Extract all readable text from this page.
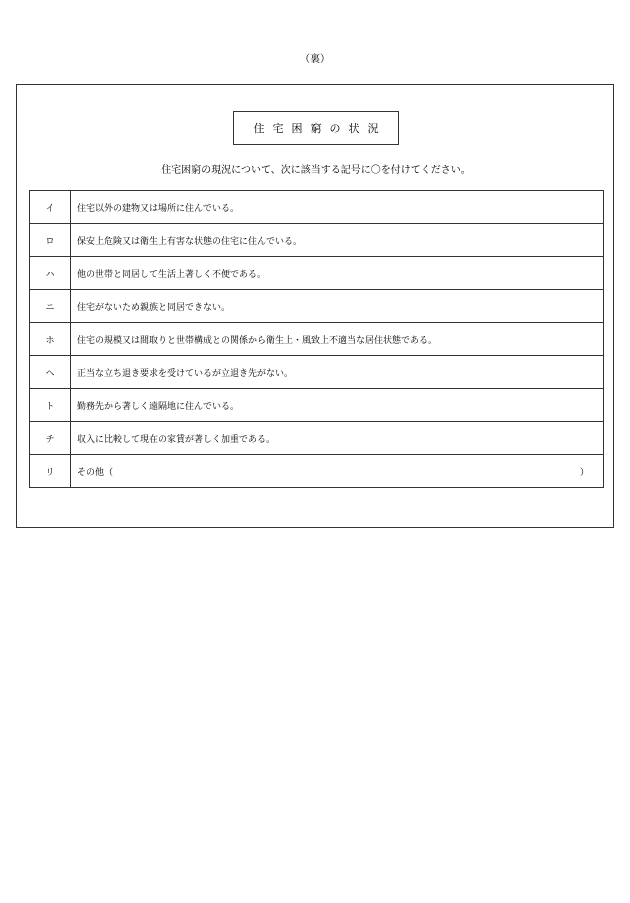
（裏）
住宅困窮の状況
住宅困窮の現況について、次に該当する記号に〇を付けてください。
イ	住宅以外の建物又は場所に住んでいる。
ロ	保安上危険又は衛生上有害な状態の住宅に住んでいる。
ハ	他の世帯と同居して生活上著しく不便である。
ニ	住宅がないため親族と同居できない。
ホ	住宅の規模又は間取りと世帯構成との関係から衛生上・風致上不適当な居住状態である。
ヘ	正当な立ち退き要求を受けているが立退き先がない。
ト	勤務先から著しく遠隔地に住んでいる。
チ	収入に比較して現在の家賃が著しく加重である。
リ	その他（ ）
